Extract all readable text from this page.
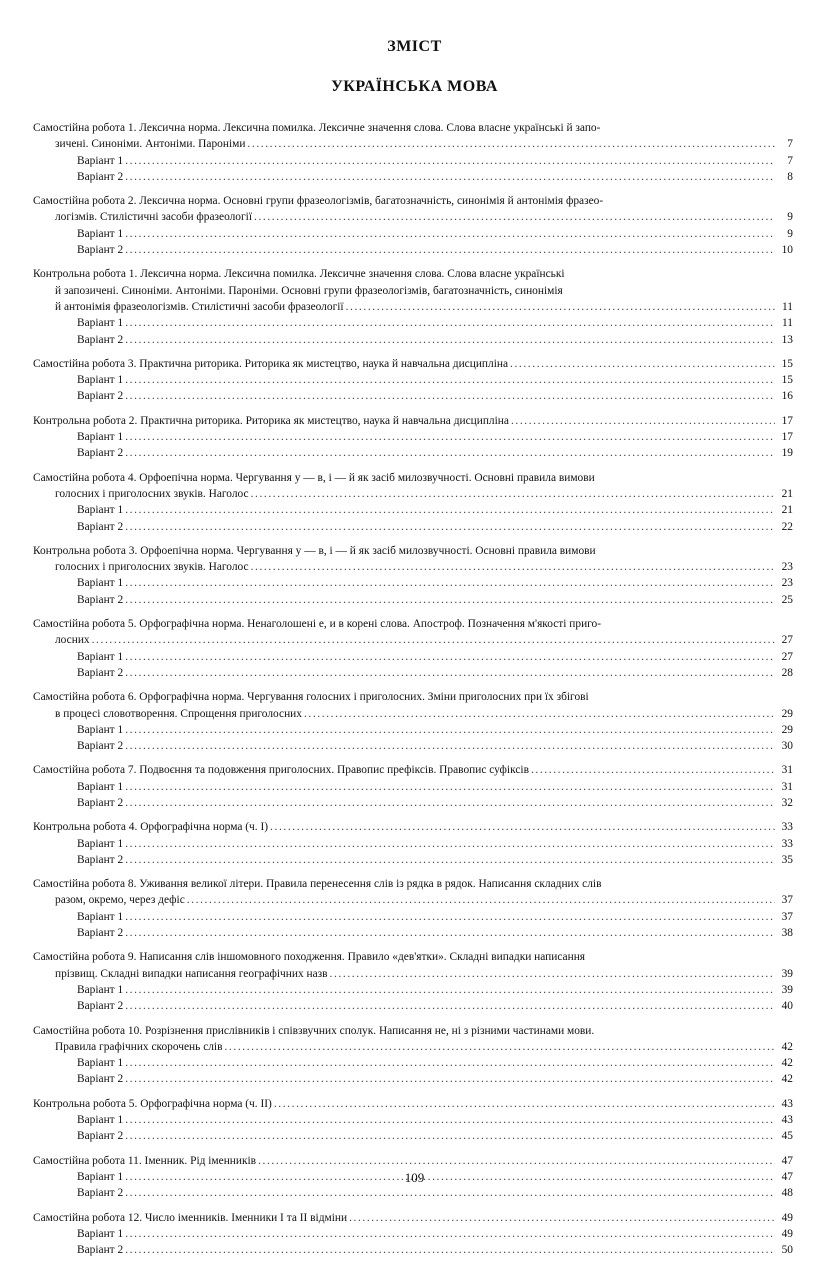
ЗМІСТ
УКРАЇНСЬКА МОВА
Самостійна робота 1. Лексична норма. Лексична помилка. Лексичне значення слова. Слова власне українські й запо-
зичені. Синоніми. Антоніми. Пароніми .....	7
Варіант 1 .....	7
Варіант 2 .....	8
Самостійна робота 2. Лексична норма. Основні групи фразеологізмів, багатозначність, синонімія й антонімія фразео-
логізмів. Стилістичні засоби фразеології .....	9
Варіант 1 .....	9
Варіант 2 .....	10
Контрольна робота 1. Лексична норма. Лексична помилка. Лексичне значення слова. Слова власне українські
й запозичені. Синоніми. Антоніми. Пароніми. Основні групи фразеологізмів, багатозначність, синонімія
й антонімія фразеологізмів. Стилістичні засоби фразеології .....	11
Варіант 1 .....	11
Варіант 2 .....	13
Самостійна робота 3. Практична риторика. Риторика як мистецтво, наука й навчальна дисципліна .....	15
Варіант 1 .....	15
Варіант 2 .....	16
Контрольна робота 2. Практична риторика. Риторика як мистецтво, наука й навчальна дисципліна .....	17
Варіант 1 .....	17
Варіант 2 .....	19
Самостійна робота 4. Орфоепічна норма. Чергування у — в, і — й як засіб милозвучності. Основні правила вимови
голосних і приголосних звуків. Наголос .....	21
Варіант 1 .....	21
Варіант 2 .....	22
Контрольна робота 3. Орфоепічна норма. Чергування у — в, і — й як засіб милозвучності. Основні правила вимови
голосних і приголосних звуків. Наголос .....	23
Варіант 1 .....	23
Варіант 2 .....	25
Самостійна робота 5. Орфографічна норма. Ненаголошені е, и в корені слова. Апостроф. Позначення м'якості приго-
лосних .....	27
Варіант 1 .....	27
Варіант 2 .....	28
Самостійна робота 6. Орфографічна норма. Чергування голосних і приголосних. Зміни приголосних при їх збігові
в процесі словотворення. Спрощення приголосних .....	29
Варіант 1 .....	29
Варіант 2 .....	30
Самостійна робота 7. Подвоєння та подовження приголосних. Правопис префіксів. Правопис суфіксів .....	31
Варіант 1 .....	31
Варіант 2 .....	32
Контрольна робота 4. Орфографічна норма (ч. І) .....	33
Варіант 1 .....	33
Варіант 2 .....	35
Самостійна робота 8. Уживання великої літери. Правила перенесення слів із рядка в рядок. Написання складних слів
разом, окремо, через дефіс .....	37
Варіант 1 .....	37
Варіант 2 .....	38
Самостійна робота 9. Написання слів іншомовного походження. Правило «дев'ятки». Складні випадки написання
прізвищ. Складні випадки написання географічних назв .....	39
Варіант 1 .....	39
Варіант 2 .....	40
Самостійна робота 10. Розрізнення прислівників і співзвучних сполук. Написання не, ні з різними частинами мови.
Правила графічних скорочень слів .....	42
Варіант 1 .....	42
Варіант 2 .....	42
Контрольна робота 5. Орфографічна норма (ч. ІІ) .....	43
Варіант 1 .....	43
Варіант 2 .....	45
Самостійна робота 11. Іменник. Рід іменників .....	47
Варіант 1 .....	47
Варіант 2 .....	48
Самостійна робота 12. Число іменників. Іменники І та ІІ відміни .....	49
Варіант 1 .....	49
Варіант 2 .....	50
109
